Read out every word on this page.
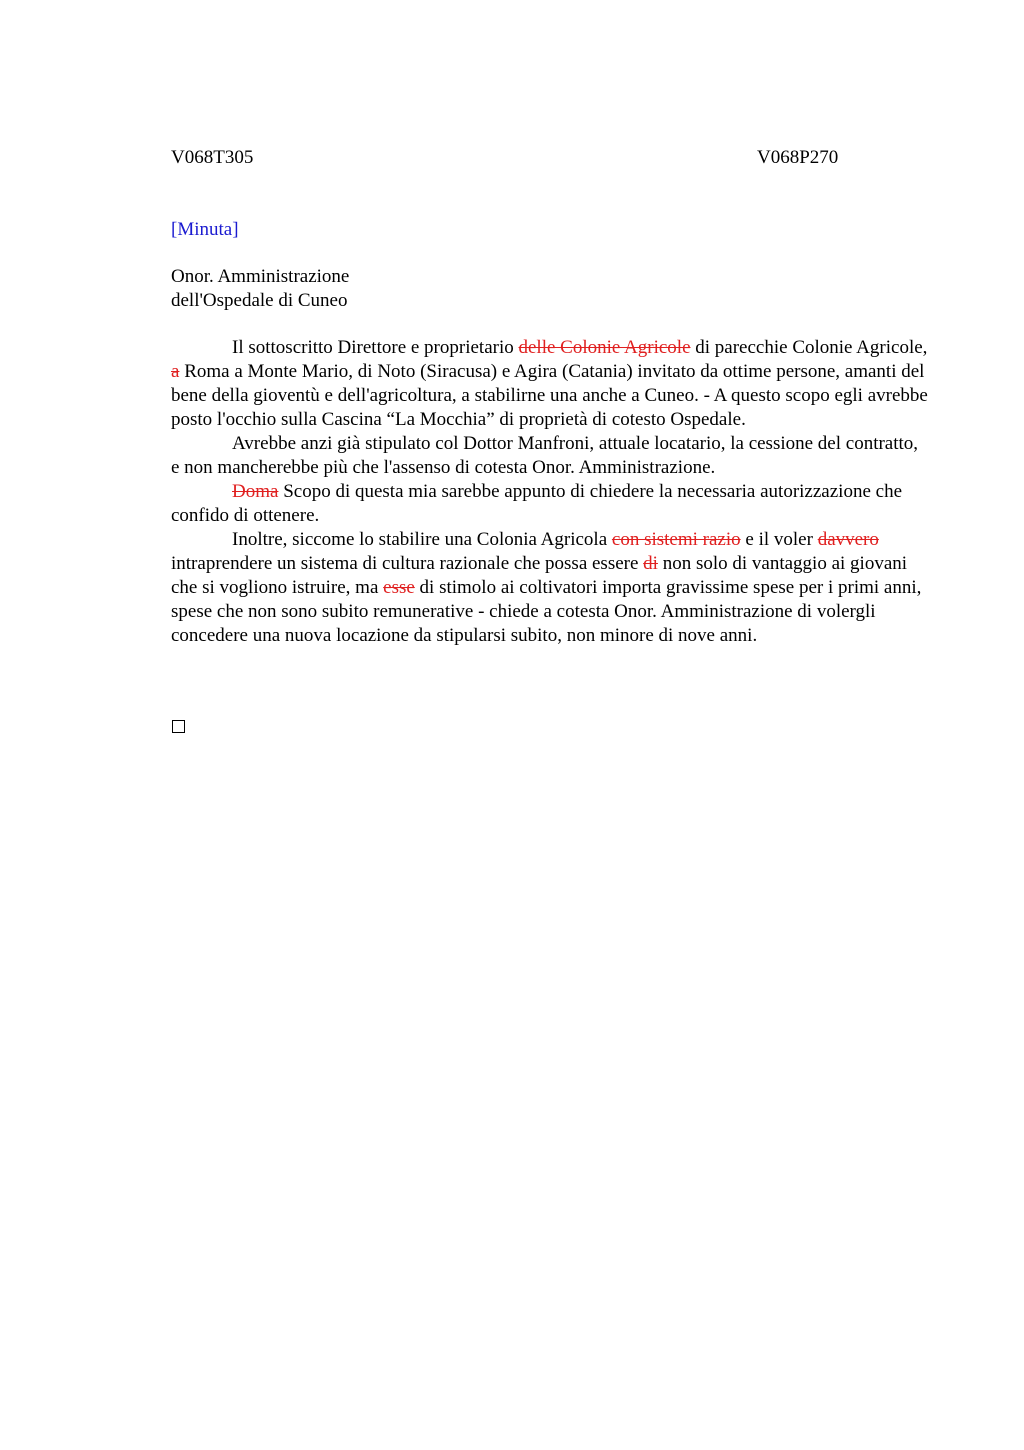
V068T305	V068P270
[Minuta]
Onor. Amministrazione
dell'Ospedale di Cuneo

Il sottoscritto Direttore e proprietario delle Colonie Agricole di parecchie Colonie Agricole, a Roma a Monte Mario, di Noto (Siracusa) e Agira (Catania) invitato da ottime persone, amanti del bene della gioventù e dell'agricoltura, a stabilirne una anche a Cuneo. - A questo scopo egli avrebbe posto l'occhio sulla Cascina “La Mocchia” di proprietà di cotesto Ospedale.

Avrebbe anzi già stipulato col Dottor Manfroni, attuale locatario, la cessione del contratto, e non mancherebbe più che l'assenso di cotesta Onor. Amministrazione.

Doma Scopo di questa mia sarebbe appunto di chiedere la necessaria autorizzazione che confido di ottenere.

Inoltre, siccome lo stabilire una Colonia Agricola con sistemi razio e il voler davvero intraprendere un sistema di cultura razionale che possa essere di non solo di vantaggio ai giovani che si vogliono istruire, ma esse di stimolo ai coltivatori importa gravissime spese per i primi anni, spese che non sono subito remunerative - chiede a cotesta Onor. Amministrazione di volergli concedere una nuova locazione da stipularsi subito, non minore di nove anni.
